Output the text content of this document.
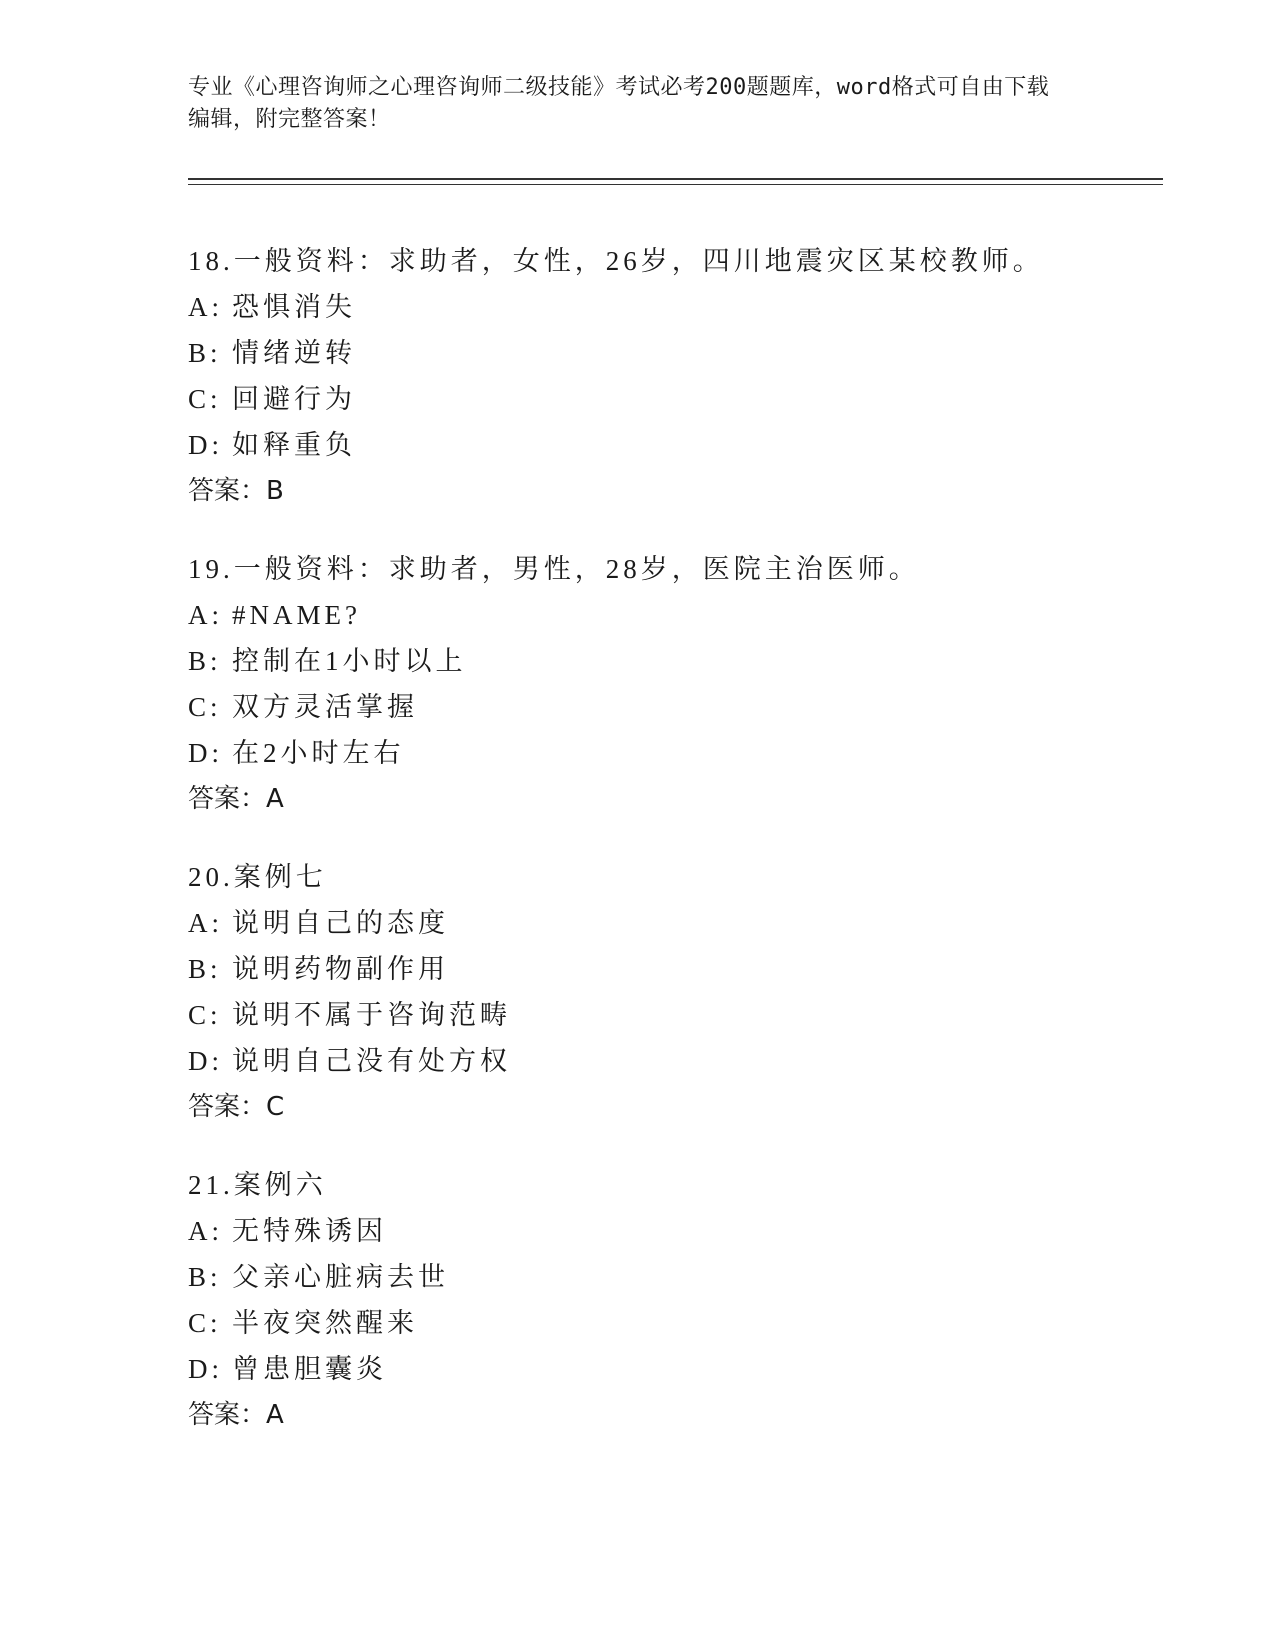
专业《心理咨询师之心理咨询师二级技能》考试必考200题题库，word格式可自由下载编辑，附完整答案！
18.一般资料：求助者，女性，26岁，四川地震灾区某校教师。
A: 恐惧消失
B: 情绪逆转
C: 回避行为
D: 如释重负
答案：B
19.一般资料：求助者，男性，28岁，医院主治医师。
A: #NAME?
B: 控制在1小时以上
C: 双方灵活掌握
D: 在2小时左右
答案：A
20.案例七
A: 说明自己的态度
B: 说明药物副作用
C: 说明不属于咨询范畴
D: 说明自己没有处方权
答案：C
21.案例六
A: 无特殊诱因
B: 父亲心脏病去世
C: 半夜突然醒来
D: 曾患胆囊炎
答案：A
